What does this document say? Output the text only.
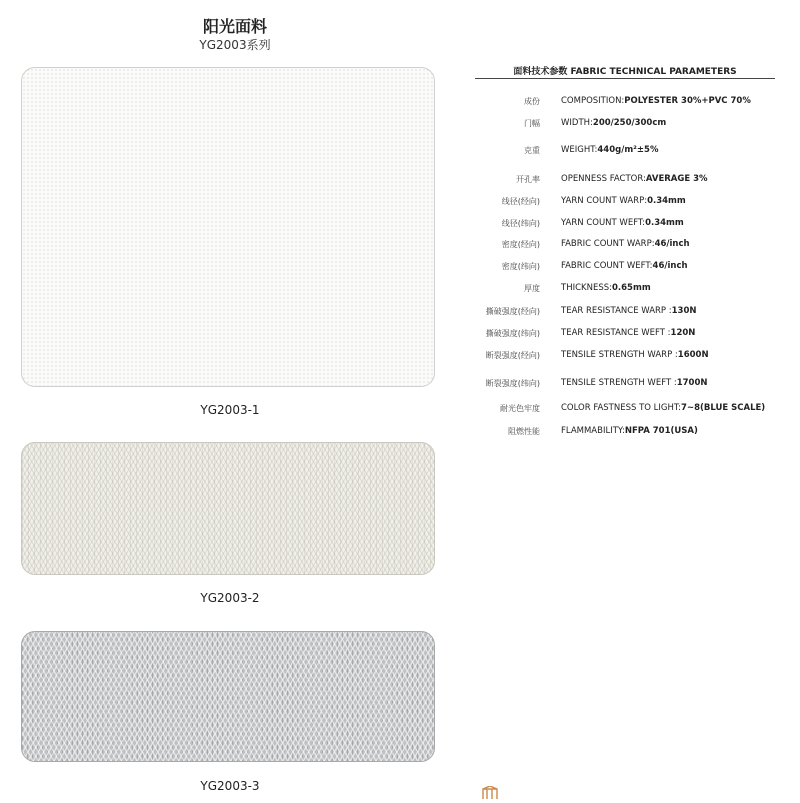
阳光面料
YG2003系列
YG2003-1
YG2003-2
YG2003-3
面料技术参数 FABRIC TECHNICAL PARAMETERS
成份 COMPOSITION:POLYESTER 30%+PVC 70%
门幅 WIDTH:200/250/300cm
克重 WEIGHT:440g/m²±5%
开孔率 OPENNESS FACTOR:AVERAGE 3%
线径(经向) YARN COUNT WARP:0.34mm
线径(纬向) YARN COUNT WEFT:0.34mm
密度(经向) FABRIC COUNT WARP:46/inch
密度(纬向) FABRIC COUNT WEFT:46/inch
厚度 THICKNESS:0.65mm
撕破强度(经向) TEAR RESISTANCE WARP :130N
撕破强度(纬向) TEAR RESISTANCE WEFT :120N
断裂强度(经向) TENSILE STRENGTH WARP :1600N
断裂强度(纬向) TENSILE STRENGTH WEFT :1700N
耐光色牢度 COLOR FASTNESS TO LIGHT:7~8(BLUE SCALE)
阻燃性能 FLAMMABILITY:NFPA 701(USA)
